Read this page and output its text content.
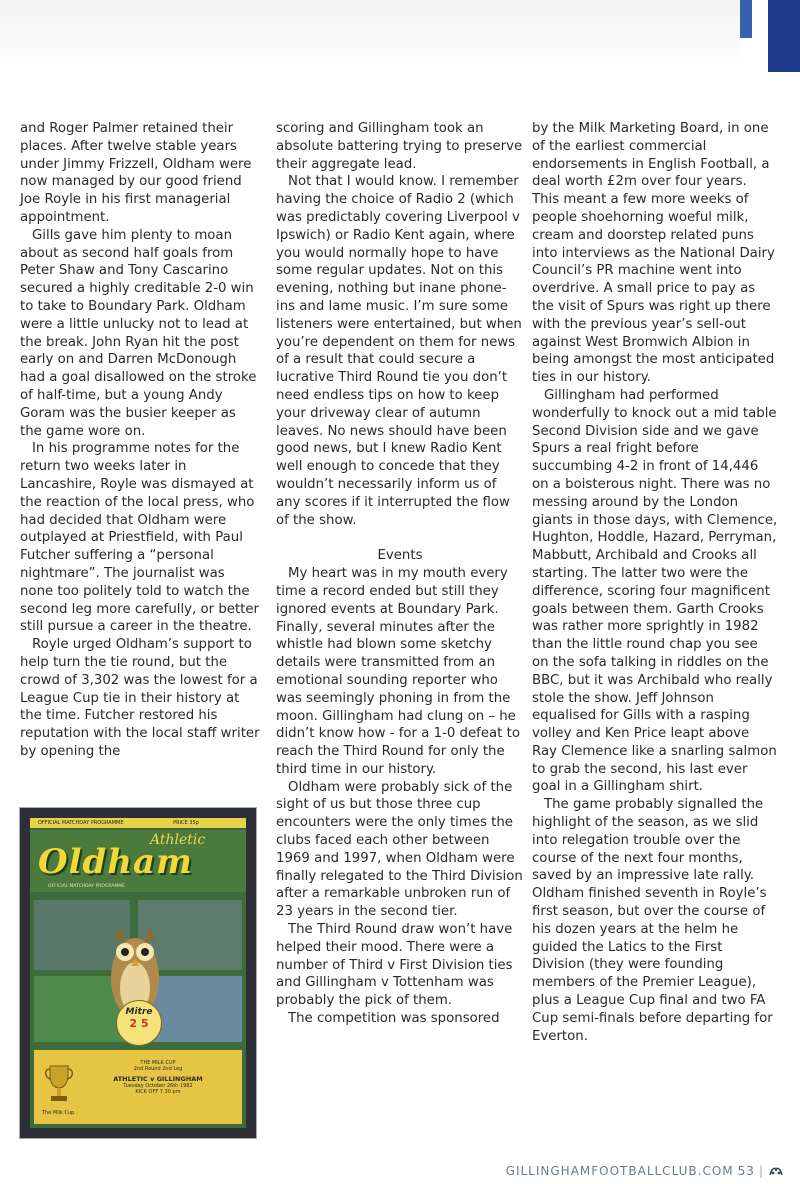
and Roger Palmer retained their places. After twelve stable years under Jimmy Frizzell, Oldham were now managed by our good friend Joe Royle in his first managerial appointment.

Gills gave him plenty to moan about as second half goals from Peter Shaw and Tony Cascarino secured a highly creditable 2-0 win to take to Boundary Park. Oldham were a little unlucky not to lead at the break. John Ryan hit the post early on and Darren McDonough had a goal disallowed on the stroke of half-time, but a young Andy Goram was the busier keeper as the game wore on.

In his programme notes for the return two weeks later in Lancashire, Royle was dismayed at the reaction of the local press, who had decided that Oldham were outplayed at Priestfield, with Paul Futcher suffering a “personal nightmare”. The journalist was none too politely told to watch the second leg more carefully, or better still pursue a career in the theatre.

Royle urged Oldham’s support to help turn the tie round, but the crowd of 3,302 was the lowest for a League Cup tie in their history at the time. Futcher restored his reputation with the local staff writer by opening the

scoring and Gillingham took an absolute battering trying to preserve their aggregate lead.

Not that I would know. I remember having the choice of Radio 2 (which was predictably covering Liverpool v Ipswich) or Radio Kent again, where you would normally hope to have some regular updates. Not on this evening, nothing but inane phone-ins and lame music. I’m sure some listeners were entertained, but when you’re dependent on them for news of a result that could secure a lucrative Third Round tie you don’t need endless tips on how to keep your driveway clear of autumn leaves. No news should have been good news, but I knew Radio Kent well enough to concede that they wouldn’t necessarily inform us of any scores if it interrupted the flow of the show.

Events

My heart was in my mouth every time a record ended but still they ignored events at Boundary Park. Finally, several minutes after the whistle had blown some sketchy details were transmitted from an emotional sounding reporter who was seemingly phoning in from the moon. Gillingham had clung on – he didn’t know how - for a 1-0 defeat to reach the Third Round for only the third time in our history.

Oldham were probably sick of the sight of us but those three cup encounters were the only times the clubs faced each other between 1969 and 1997, when Oldham were finally relegated to the Third Division after a remarkable unbroken run of 23 years in the second tier.

The Third Round draw won’t have helped their mood. There were a number of Third v First Division ties and Gillingham v Tottenham was probably the pick of them.

The competition was sponsored

by the Milk Marketing Board, in one of the earliest commercial endorsements in English Football, a deal worth £2m over four years. This meant a few more weeks of people shoehorning woeful milk, cream and doorstep related puns into interviews as the National Dairy Council’s PR machine went into overdrive. A small price to pay as the visit of Spurs was right up there with the previous year’s sell-out against West Bromwich Albion in being amongst the most anticipated ties in our history.

Gillingham had performed wonderfully to knock out a mid table Second Division side and we gave Spurs a real fright before succumbing 4-2 in front of 14,446 on a boisterous night. There was no messing around by the London giants in those days, with Clemence, Hughton, Hoddle, Hazard, Perryman, Mabbutt, Archibald and Crooks all starting. The latter two were the difference, scoring four magnificent goals between them. Garth Crooks was rather more sprightly in 1982 than the little round chap you see on the sofa talking in riddles on the BBC, but it was Archibald who really stole the show. Jeff Johnson equalised for Gills with a rasping volley and Ken Price leapt above Ray Clemence like a snarling salmon to grab the second, his last ever goal in a Gillingham shirt.

The game probably signalled the highlight of the season, as we slid into relegation trouble over the course of the next four months, saved by an impressive late rally. Oldham finished seventh in Royle’s first season, but over the course of his dozen years at the helm he guided the Latics to the First Division (they were founding members of the Premier League), plus a League Cup final and two FA Cup semi-finals before departing for Everton.

OFFICIAL MATCHDAY PROGRAMME	PRICE 35p
Athletic
Oldham
OFFICIAL MATCHDAY PROGRAMME
Mitre
2 5
The Milk Cup
THE MILK CUP
2nd Round 2nd Leg
ATHLETIC v GILLINGHAM
Tuesday October 26th 1982
KICK OFF 7.30 pm
GILLINGHAMFOOTBALLCLUB.COM 53 |
